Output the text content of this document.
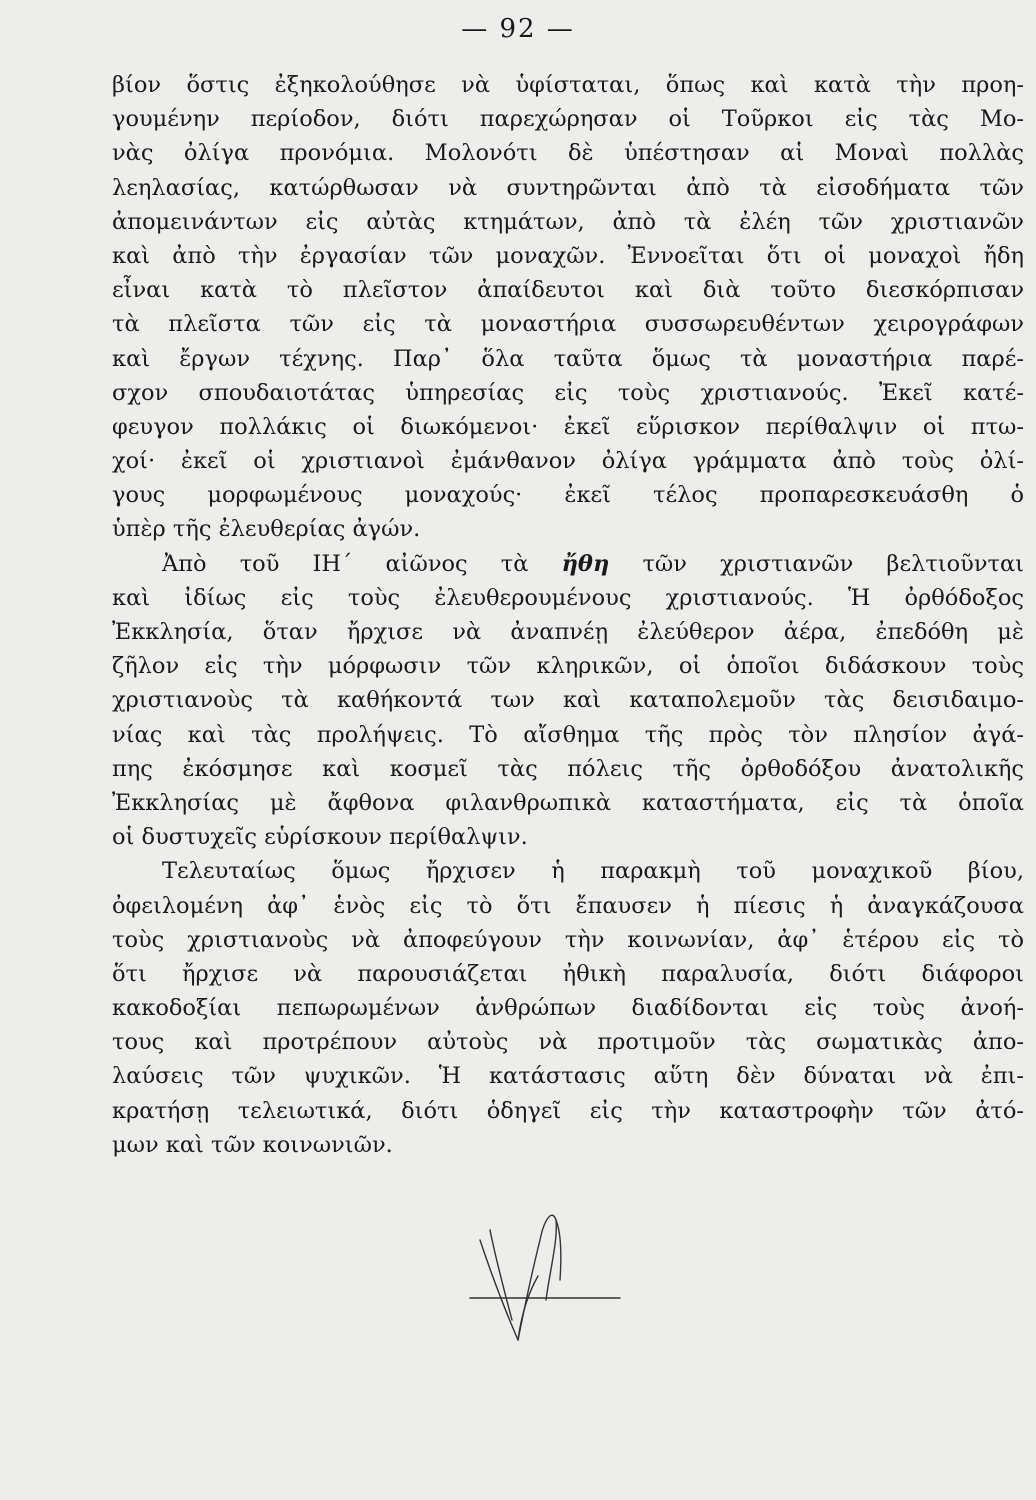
— 92 —
βίον ὅστις ἐξηκολούθησε νὰ ὑφίσταται, ὅπως καὶ κατὰ τὴν προη-
γουμένην περίοδον, διότι παρεχώρησαν οἱ Τοῦρκοι εἰς τὰς Μο-
νὰς ὀλίγα προνόμια. Μολονότι δὲ ὑπέστησαν αἱ Μοναὶ πολλὰς
λεηλασίας, κατώρθωσαν νὰ συντηρῶνται ἀπὸ τὰ εἰσοδήματα τῶν
ἀπομεινάντων εἰς αὐτὰς κτημάτων, ἀπὸ τὰ ἐλέη τῶν χριστιανῶν
καὶ ἀπὸ τὴν ἐργασίαν τῶν μοναχῶν. Ἐννοεῖται ὅτι οἱ μοναχοὶ ἤδη
εἶναι κατὰ τὸ πλεῖστον ἀπαίδευτοι καὶ διὰ τοῦτο διεσκόρπισαν
τὰ πλεῖστα τῶν εἰς τὰ μοναστήρια συσσωρευθέντων χειρογράφων
καὶ ἔργων τέχνης. Παρ᾽ ὅλα ταῦτα ὅμως τὰ μοναστήρια παρέ-
σχον σπουδαιοτάτας ὑπηρεσίας εἰς τοὺς χριστιανούς. Ἐκεῖ κατέ-
φευγον πολλάκις οἱ διωκόμενοι· ἐκεῖ εὕρισκον περίθαλψιν οἱ πτω-
χοί· ἐκεῖ οἱ χριστιανοὶ ἐμάνθανον ὀλίγα γράμματα ἀπὸ τοὺς ὀλί-
γους μορφωμένους μοναχούς· ἐκεῖ τέλος προπαρεσκευάσθη ὁ
ὑπὲρ τῆς ἐλευθερίας ἀγών.
Ἀπὸ τοῦ ΙΗ΄ αἰῶνος τὰ ἤθη τῶν χριστιανῶν βελτιοῦνται
καὶ ἰδίως εἰς τοὺς ἐλευθερουμένους χριστιανούς. Ἡ ὀρθόδοξος
Ἐκκλησία, ὅταν ἤρχισε νὰ ἀναπνέῃ ἐλεύθερον ἀέρα, ἐπεδόθη μὲ
ζῆλον εἰς τὴν μόρφωσιν τῶν κληρικῶν, οἱ ὁποῖοι διδάσκουν τοὺς
χριστιανοὺς τὰ καθήκοντά των καὶ καταπολεμοῦν τὰς δεισιδαιμο-
νίας καὶ τὰς προλήψεις. Τὸ αἴσθημα τῆς πρὸς τὸν πλησίον ἀγά-
πης ἐκόσμησε καὶ κοσμεῖ τὰς πόλεις τῆς ὀρθοδόξου ἀνατολικῆς
Ἐκκλησίας μὲ ἄφθονα φιλανθρωπικὰ καταστήματα, εἰς τὰ ὁποῖα
οἱ δυστυχεῖς εὑρίσκουν περίθαλψιν.
Τελευταίως ὅμως ἤρχισεν ἡ παρακμὴ τοῦ μοναχικοῦ βίου,
ὀφειλομένη ἀφ᾽ ἑνὸς εἰς τὸ ὅτι ἔπαυσεν ἡ πίεσις ἡ ἀναγκάζουσα
τοὺς χριστιανοὺς νὰ ἀποφεύγουν τὴν κοινωνίαν, ἀφ᾽ ἑτέρου εἰς τὸ
ὅτι ἤρχισε νὰ παρουσιάζεται ἠθικὴ παραλυσία, διότι διάφοροι
κακοδοξίαι πεπωρωμένων ἀνθρώπων διαδίδονται εἰς τοὺς ἀνοή-
τους καὶ προτρέπουν αὐτοὺς νὰ προτιμοῦν τὰς σωματικὰς ἀπο-
λαύσεις τῶν ψυχικῶν. Ἡ κατάστασις αὕτη δὲν δύναται νὰ ἐπι-
κρατήσῃ τελειωτικά, διότι ὁδηγεῖ εἰς τὴν καταστροφὴν τῶν ἀτό-
μων καὶ τῶν κοινωνιῶν.
